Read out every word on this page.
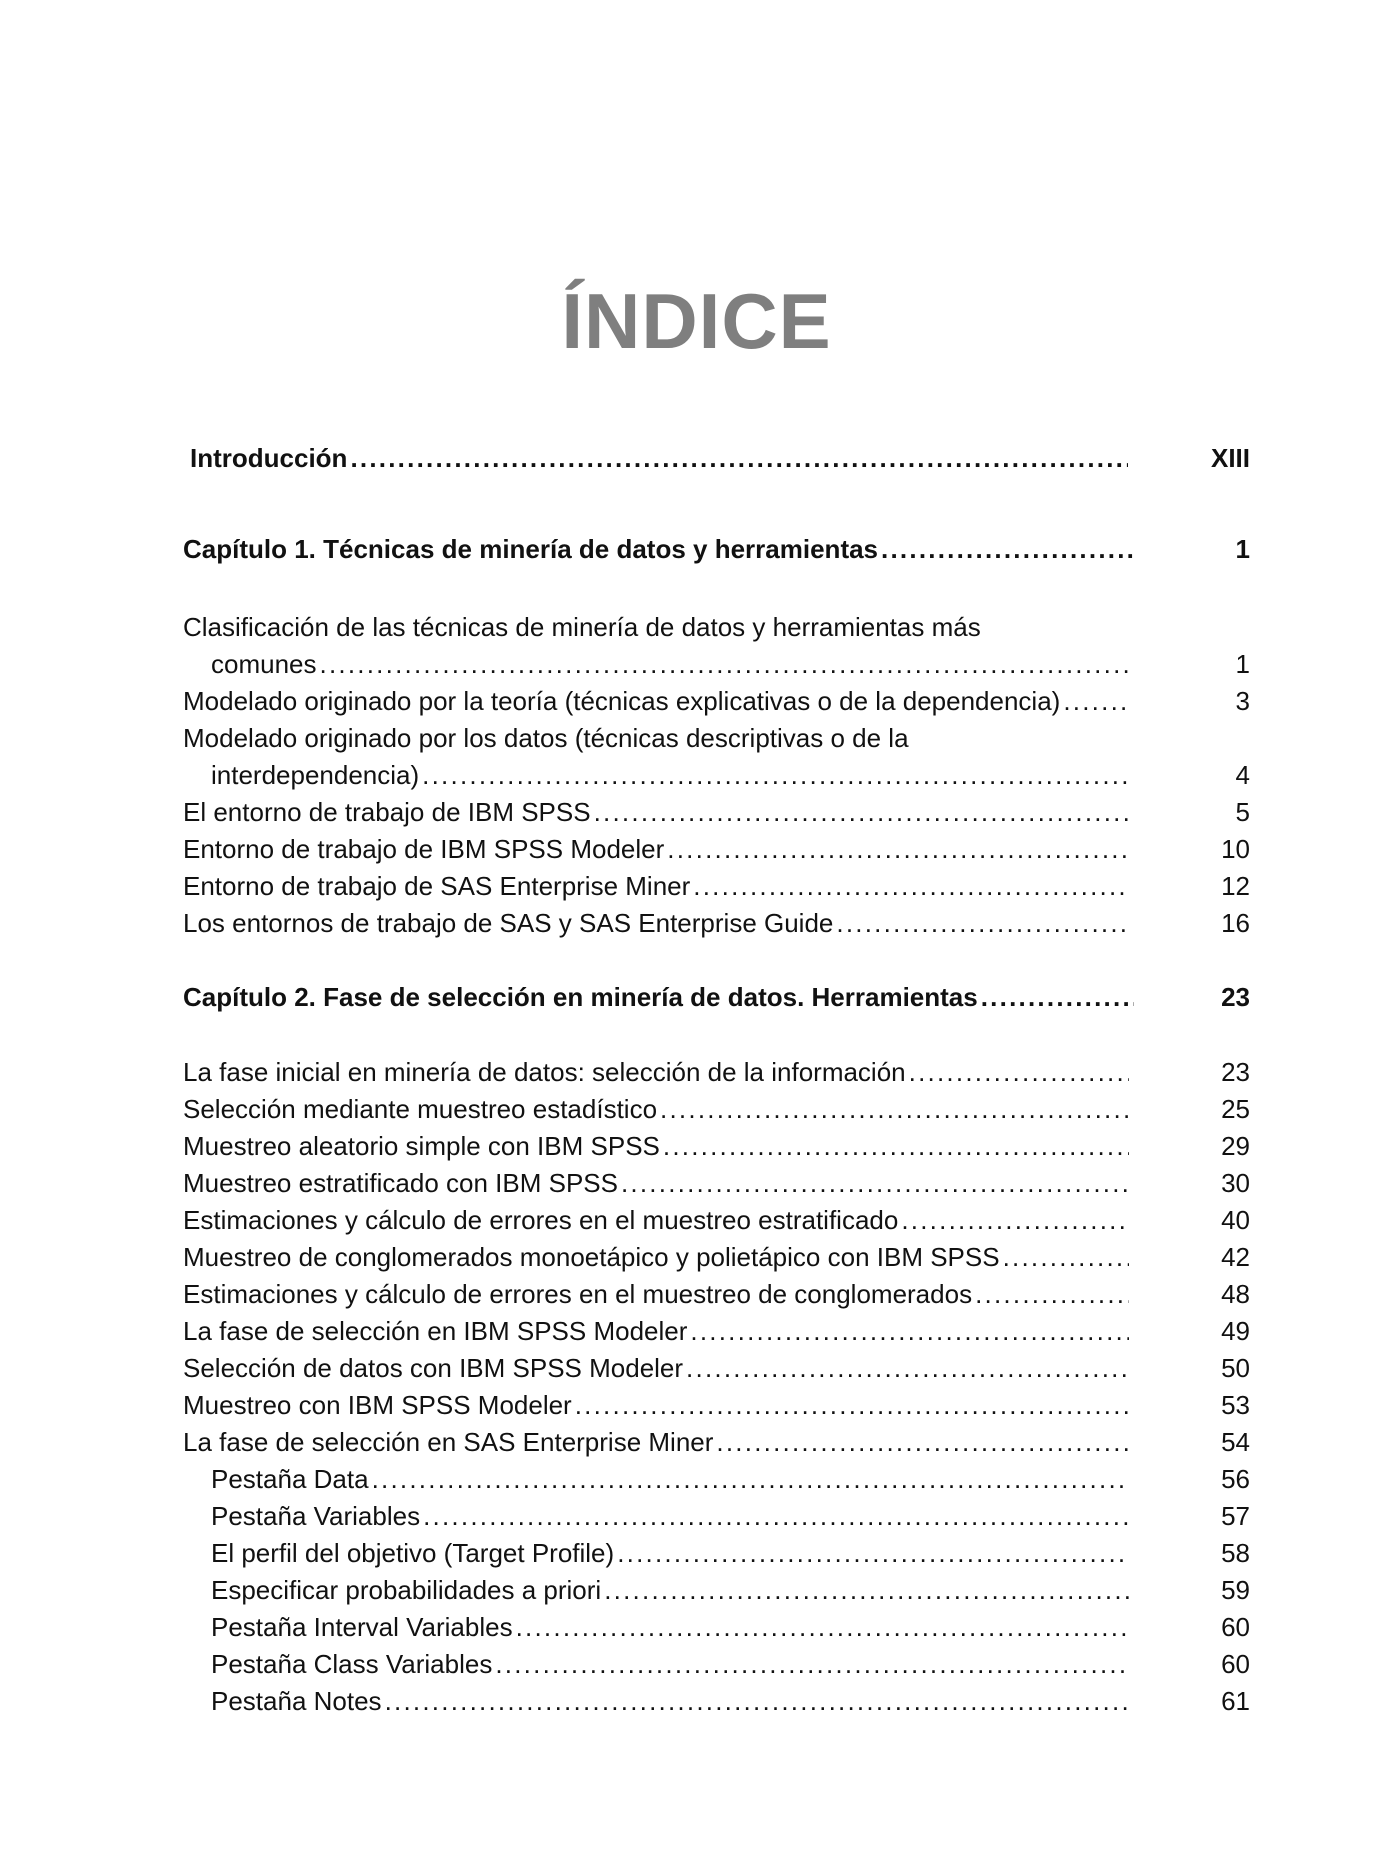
ÍNDICE
Introducción . . .	XIII
Capítulo 1. Técnicas de minería de datos y herramientas . . .	1
Clasificación de las técnicas de minería de datos y herramientas más
comunes . . .	1
Modelado originado por la teoría (técnicas explicativas o de la dependencia) . . .	3
Modelado originado por los datos (técnicas descriptivas o de la
interdependencia) . . .	4
El entorno de trabajo de IBM SPSS . . .	5
Entorno de trabajo de IBM SPSS Modeler . . .	10
Entorno de trabajo de SAS Enterprise Miner . . .	12
Los entornos de trabajo de SAS y SAS Enterprise Guide . . .	16
Capítulo 2. Fase de selección en minería de datos. Herramientas . . .	23
La fase inicial en minería de datos: selección de la información . . .	23
Selección mediante muestreo estadístico . . .	25
Muestreo aleatorio simple con IBM SPSS . . .	29
Muestreo estratificado con IBM SPSS . . .	30
Estimaciones y cálculo de errores en el muestreo estratificado . . .	40
Muestreo de conglomerados monoetápico y polietápico con IBM SPSS . . .	42
Estimaciones y cálculo de errores en el muestreo de conglomerados . . .	48
La fase de selección en IBM SPSS Modeler . . .	49
Selección de datos con IBM SPSS Modeler . . .	50
Muestreo con IBM SPSS Modeler . . .	53
La fase de selección en SAS Enterprise Miner . . .	54
Pestaña Data . . .	56
Pestaña Variables . . .	57
El perfil del objetivo (Target Profile) . . .	58
Especificar probabilidades a priori . . .	59
Pestaña Interval Variables . . .	60
Pestaña Class Variables . . .	60
Pestaña Notes . . .	61
